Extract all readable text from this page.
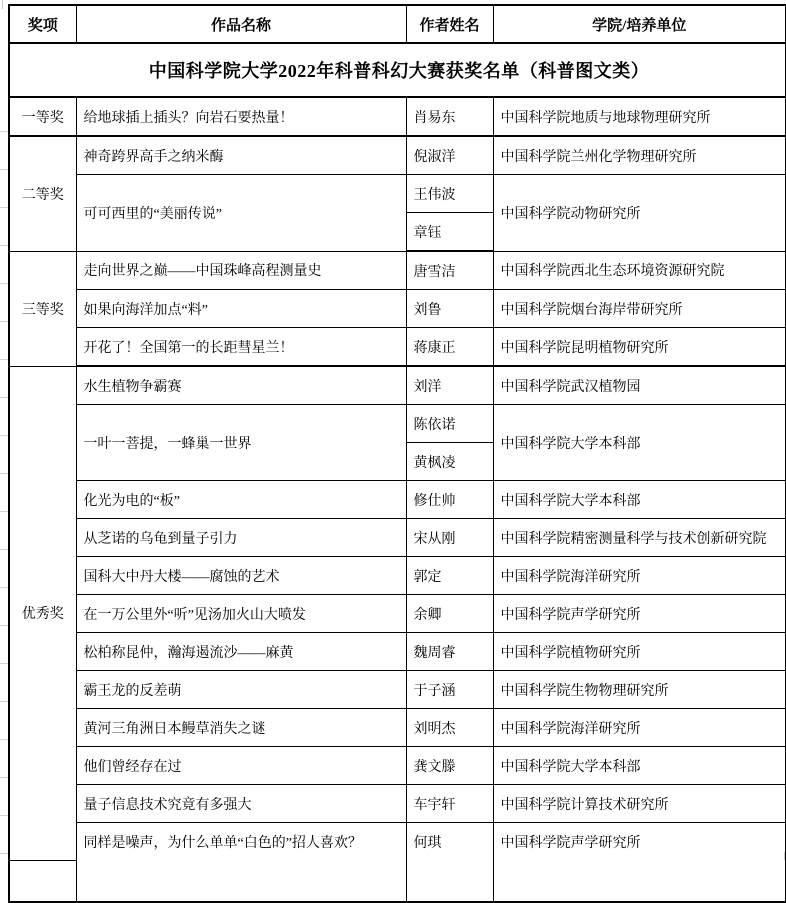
中国科学院大学2022年科普科幻大赛获奖名单（科普图文类）			
奖项	作品名称	作者姓名	学院/培养单位
一等奖	给地球插上插头？向岩石要热量！	肖易东	中国科学院地质与地球物理研究所
二等奖	神奇跨界高手之纳米酶	倪淑洋	中国科学院兰州化学物理研究所
	可可西里的“美丽传说”	王伟波	中国科学院动物研究所
		章钰	
三等奖	走向世界之巅——中国珠峰高程测量史	唐雪洁	中国科学院西北生态环境资源研究院
	如果向海洋加点“料”	刘鲁	中国科学院烟台海岸带研究所
	开花了！全国第一的长距彗星兰！	蒋康正	中国科学院昆明植物研究所
优秀奖	水生植物争霸赛	刘洋	中国科学院武汉植物园
	一叶一菩提，一蜂巢一世界	陈依诺	中国科学院大学本科部
		黄枫凌	
	化光为电的“板”	修仕帅	中国科学院大学本科部
	从芝诺的乌龟到量子引力	宋从刚	中国科学院精密测量科学与技术创新研究院
	国科大中丹大楼——腐蚀的艺术	郭定	中国科学院海洋研究所
	在一万公里外“听”见汤加火山大喷发	余卿	中国科学院声学研究所
	松柏称昆仲，瀚海遏流沙——麻黄	魏周睿	中国科学院植物研究所
	霸王龙的反差萌	于子涵	中国科学院生物物理研究所
	黄河三角洲日本鳗草消失之谜	刘明杰	中国科学院海洋研究所
	他们曾经存在过	龚文滕	中国科学院大学本科部
	量子信息技术究竟有多强大	车宇轩	中国科学院计算技术研究所
	同样是噪声，为什么单单“白色的”招人喜欢？	何琪	中国科学院声学研究所
